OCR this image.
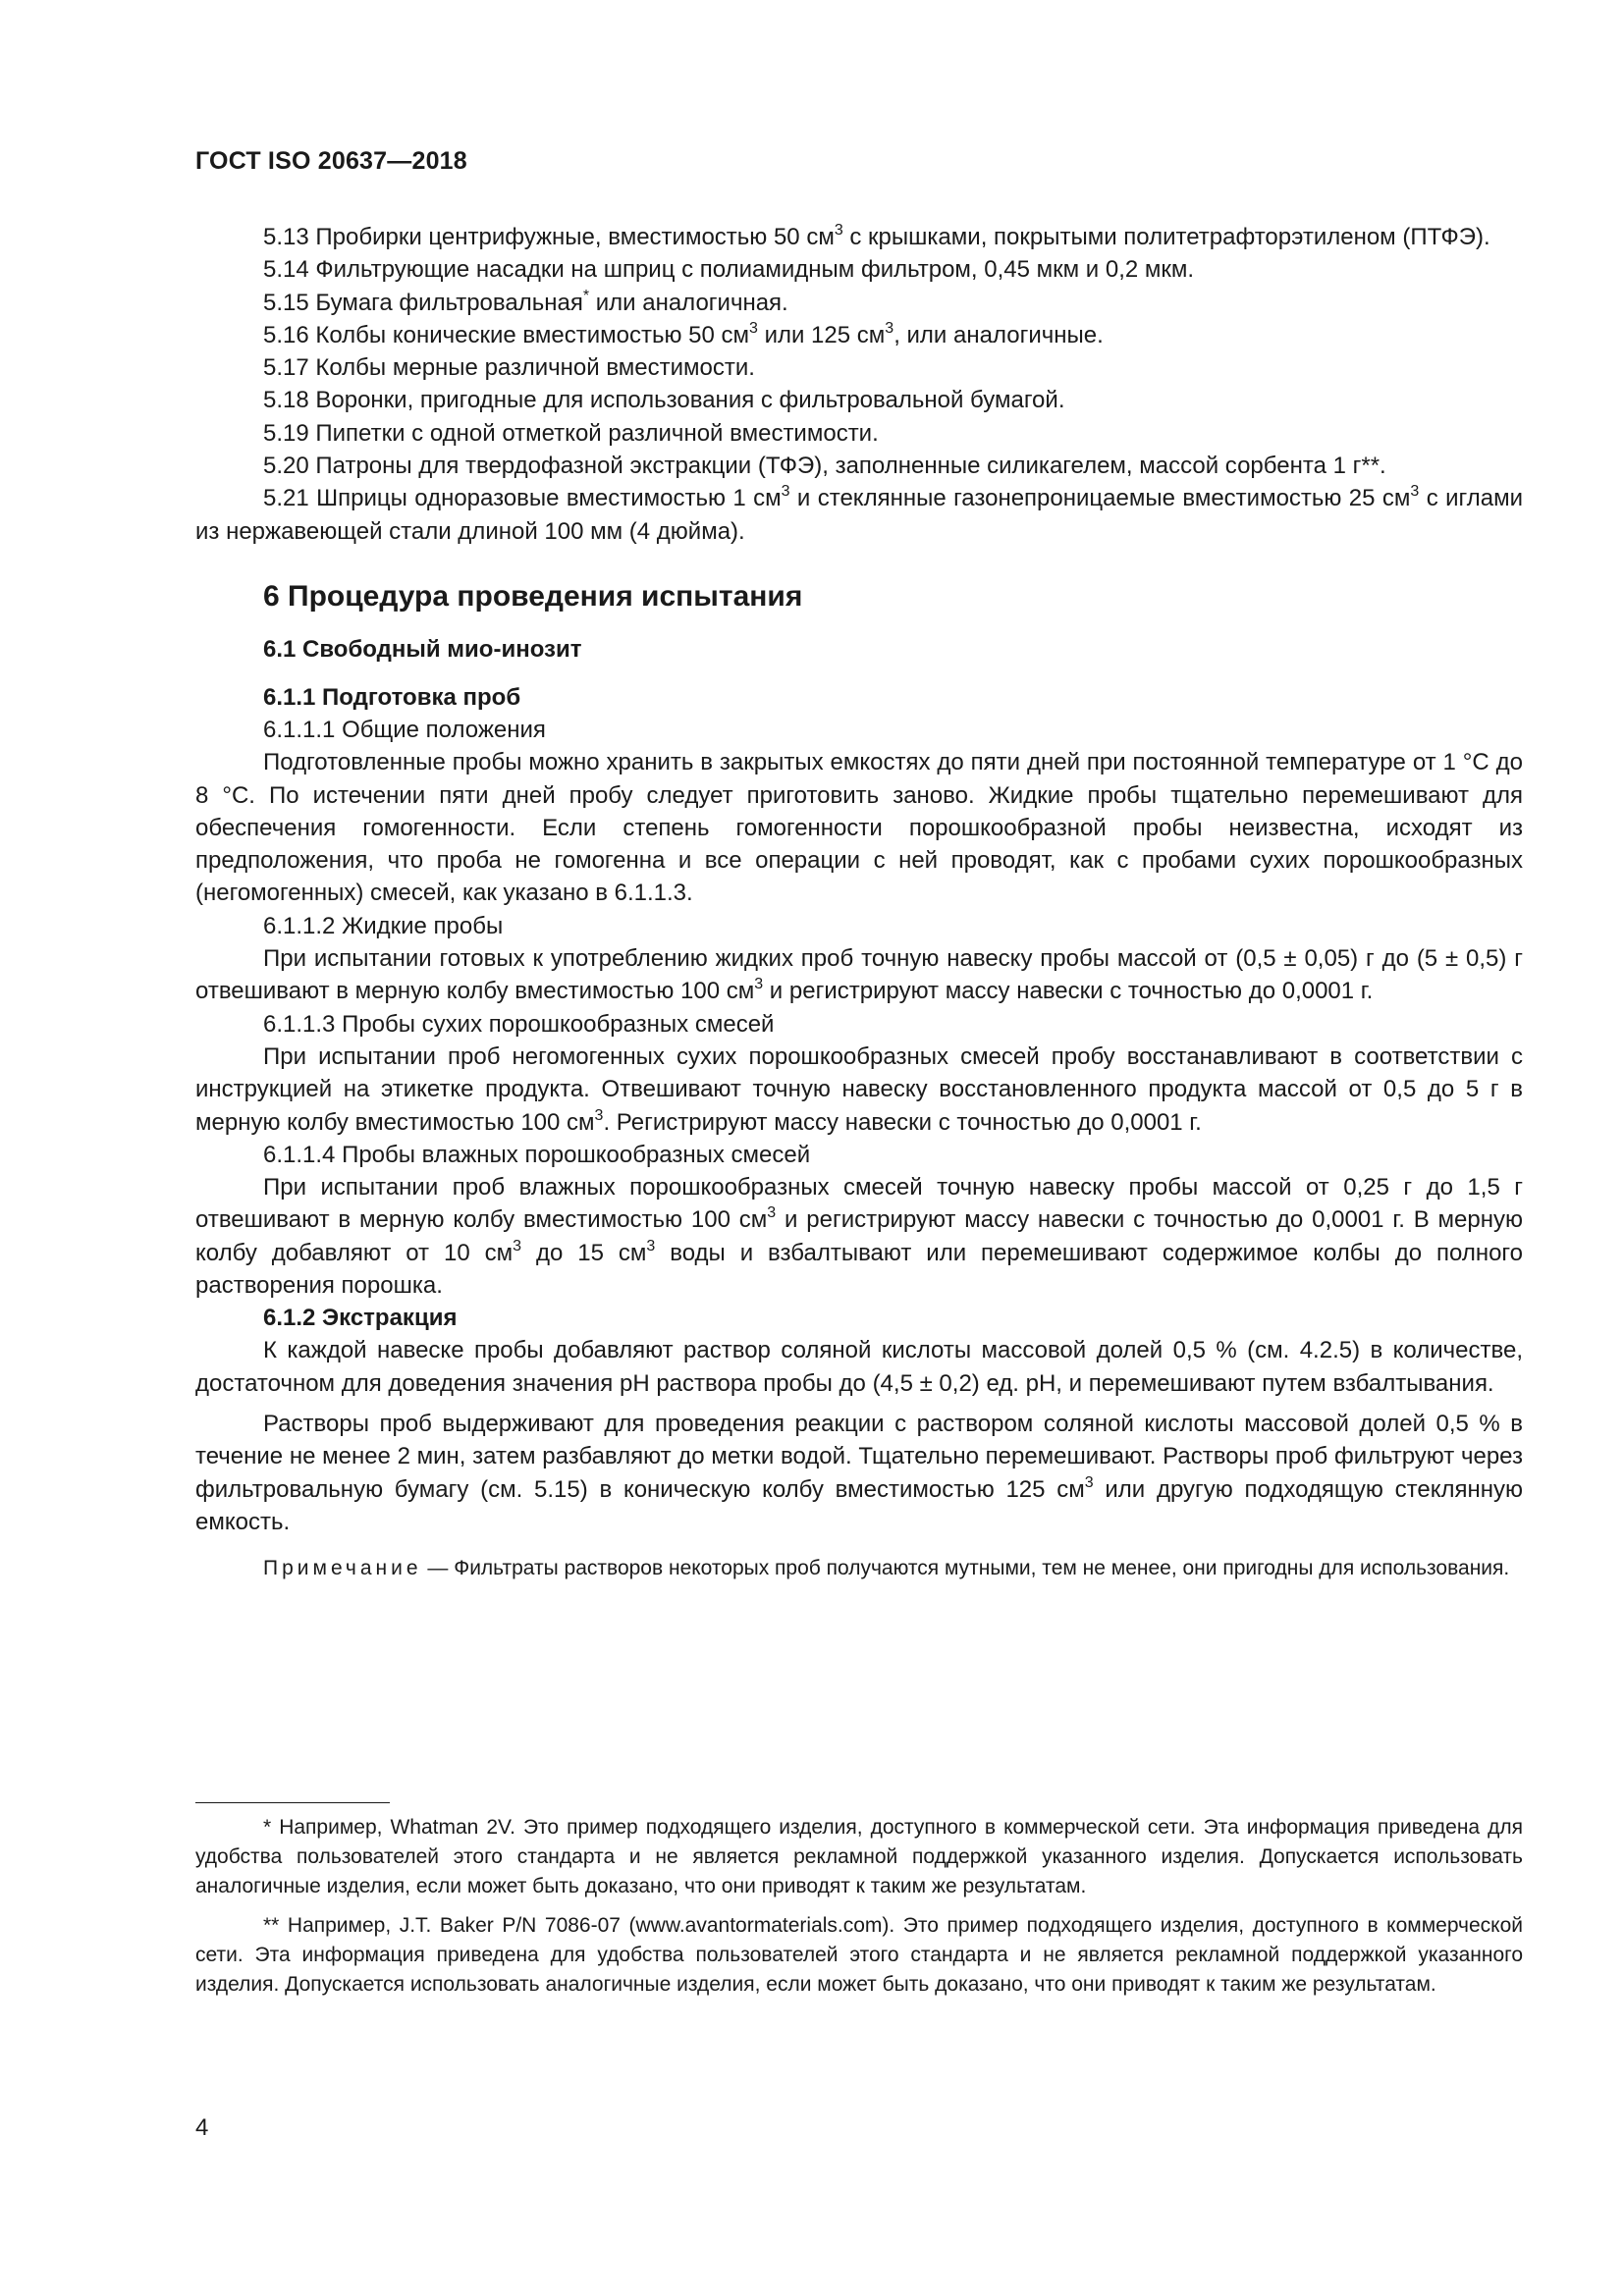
ГОСТ ISO 20637—2018

5.13 Пробирки центрифужные, вместимостью 50 $см^3$ с крышками, покрытыми политетрафторэтиленом (ПТФЭ).

5.14 Фильтрующие насадки на шприц с полиамидным фильтром, 0,45 мкм и 0,2 мкм.

5.15 Бумага фильтровальная* или аналогичная.

5.16 Колбы конические вместимостью 50 $см^3$ или 125 $см^3$, или аналогичные.

5.17 Колбы мерные различной вместимости.

5.18 Воронки, пригодные для использования с фильтровальной бумагой.

5.19 Пипетки с одной отметкой различной вместимости.

5.20 Патроны для твердофазной экстракции (ТФЭ), заполненные силикагелем, массой сорбента 1 г**.

5.21 Шприцы одноразовые вместимостью 1 $см^3$ и стеклянные газонепроницаемые вместимостью 25 $см^3$ с иглами из нержавеющей стали длиной 100 мм (4 дюйма).

6 Процедура проведения испытания
6.1 Свободный мио-инозит
6.1.1 Подготовка проб

6.1.1.1 Общие положения

Подготовленные пробы можно хранить в закрытых емкостях до пяти дней при постоянной температуре от 1 °С до 8 °С. По истечении пяти дней пробу следует приготовить заново. Жидкие пробы тщательно перемешивают для обеспечения гомогенности. Если степень гомогенности порошкообразной пробы неизвестна, исходят из предположения, что проба не гомогенна и все операции с ней проводят, как с пробами сухих порошкообразных (негомогенных) смесей, как указано в 6.1.1.3.

6.1.1.2 Жидкие пробы

При испытании готовых к употреблению жидких проб точную навеску пробы массой от (0,5 ± 0,05) г до (5 ± 0,5) г отвешивают в мерную колбу вместимостью 100 $см^3$ и регистрируют массу навески с точностью до 0,0001 г.

6.1.1.3 Пробы сухих порошкообразных смесей

При испытании проб негомогенных сухих порошкообразных смесей пробу восстанавливают в соответствии с инструкцией на этикетке продукта. Отвешивают точную навеску восстановленного продукта массой от 0,5 до 5 г в мерную колбу вместимостью 100 $см^3$. Регистрируют массу навески с точностью до 0,0001 г.

6.1.1.4 Пробы влажных порошкообразных смесей

При испытании проб влажных порошкообразных смесей точную навеску пробы массой от 0,25 г до 1,5 г отвешивают в мерную колбу вместимостью 100 $см^3$ и регистрируют массу навески с точностью до 0,0001 г. В мерную колбу добавляют от 10 $см^3$ до 15 $см^3$ воды и взбалтывают или перемешивают содержимое колбы до полного растворения порошка.

6.1.2 Экстракция

К каждой навеске пробы добавляют раствор соляной кислоты массовой долей 0,5 % (см. 4.2.5) в количестве, достаточном для доведения значения pH раствора пробы до (4,5 ± 0,2) ед. pH, и перемешивают путем взбалтывания.

Растворы проб выдерживают для проведения реакции с раствором соляной кислоты массовой долей 0,5 % в течение не менее 2 мин, затем разбавляют до метки водой. Тщательно перемешивают. Растворы проб фильтруют через фильтровальную бумагу (см. 5.15) в коническую колбу вместимостью 125 $см^3$ или другую подходящую стеклянную емкость.

Примечание — Фильтраты растворов некоторых проб получаются мутными, тем не менее, они пригодны для использования.

* Например, Whatman 2V. Это пример подходящего изделия, доступного в коммерческой сети. Эта информация приведена для удобства пользователей этого стандарта и не является рекламной поддержкой указанного изделия. Допускается использовать аналогичные изделия, если может быть доказано, что они приводят к таким же результатам.

** Например, J.T. Baker P/N 7086-07 (www.avantormaterials.com). Это пример подходящего изделия, доступного в коммерческой сети. Эта информация приведена для удобства пользователей этого стандарта и не является рекламной поддержкой указанного изделия. Допускается использовать аналогичные изделия, если может быть доказано, что они приводят к таким же результатам.

4
